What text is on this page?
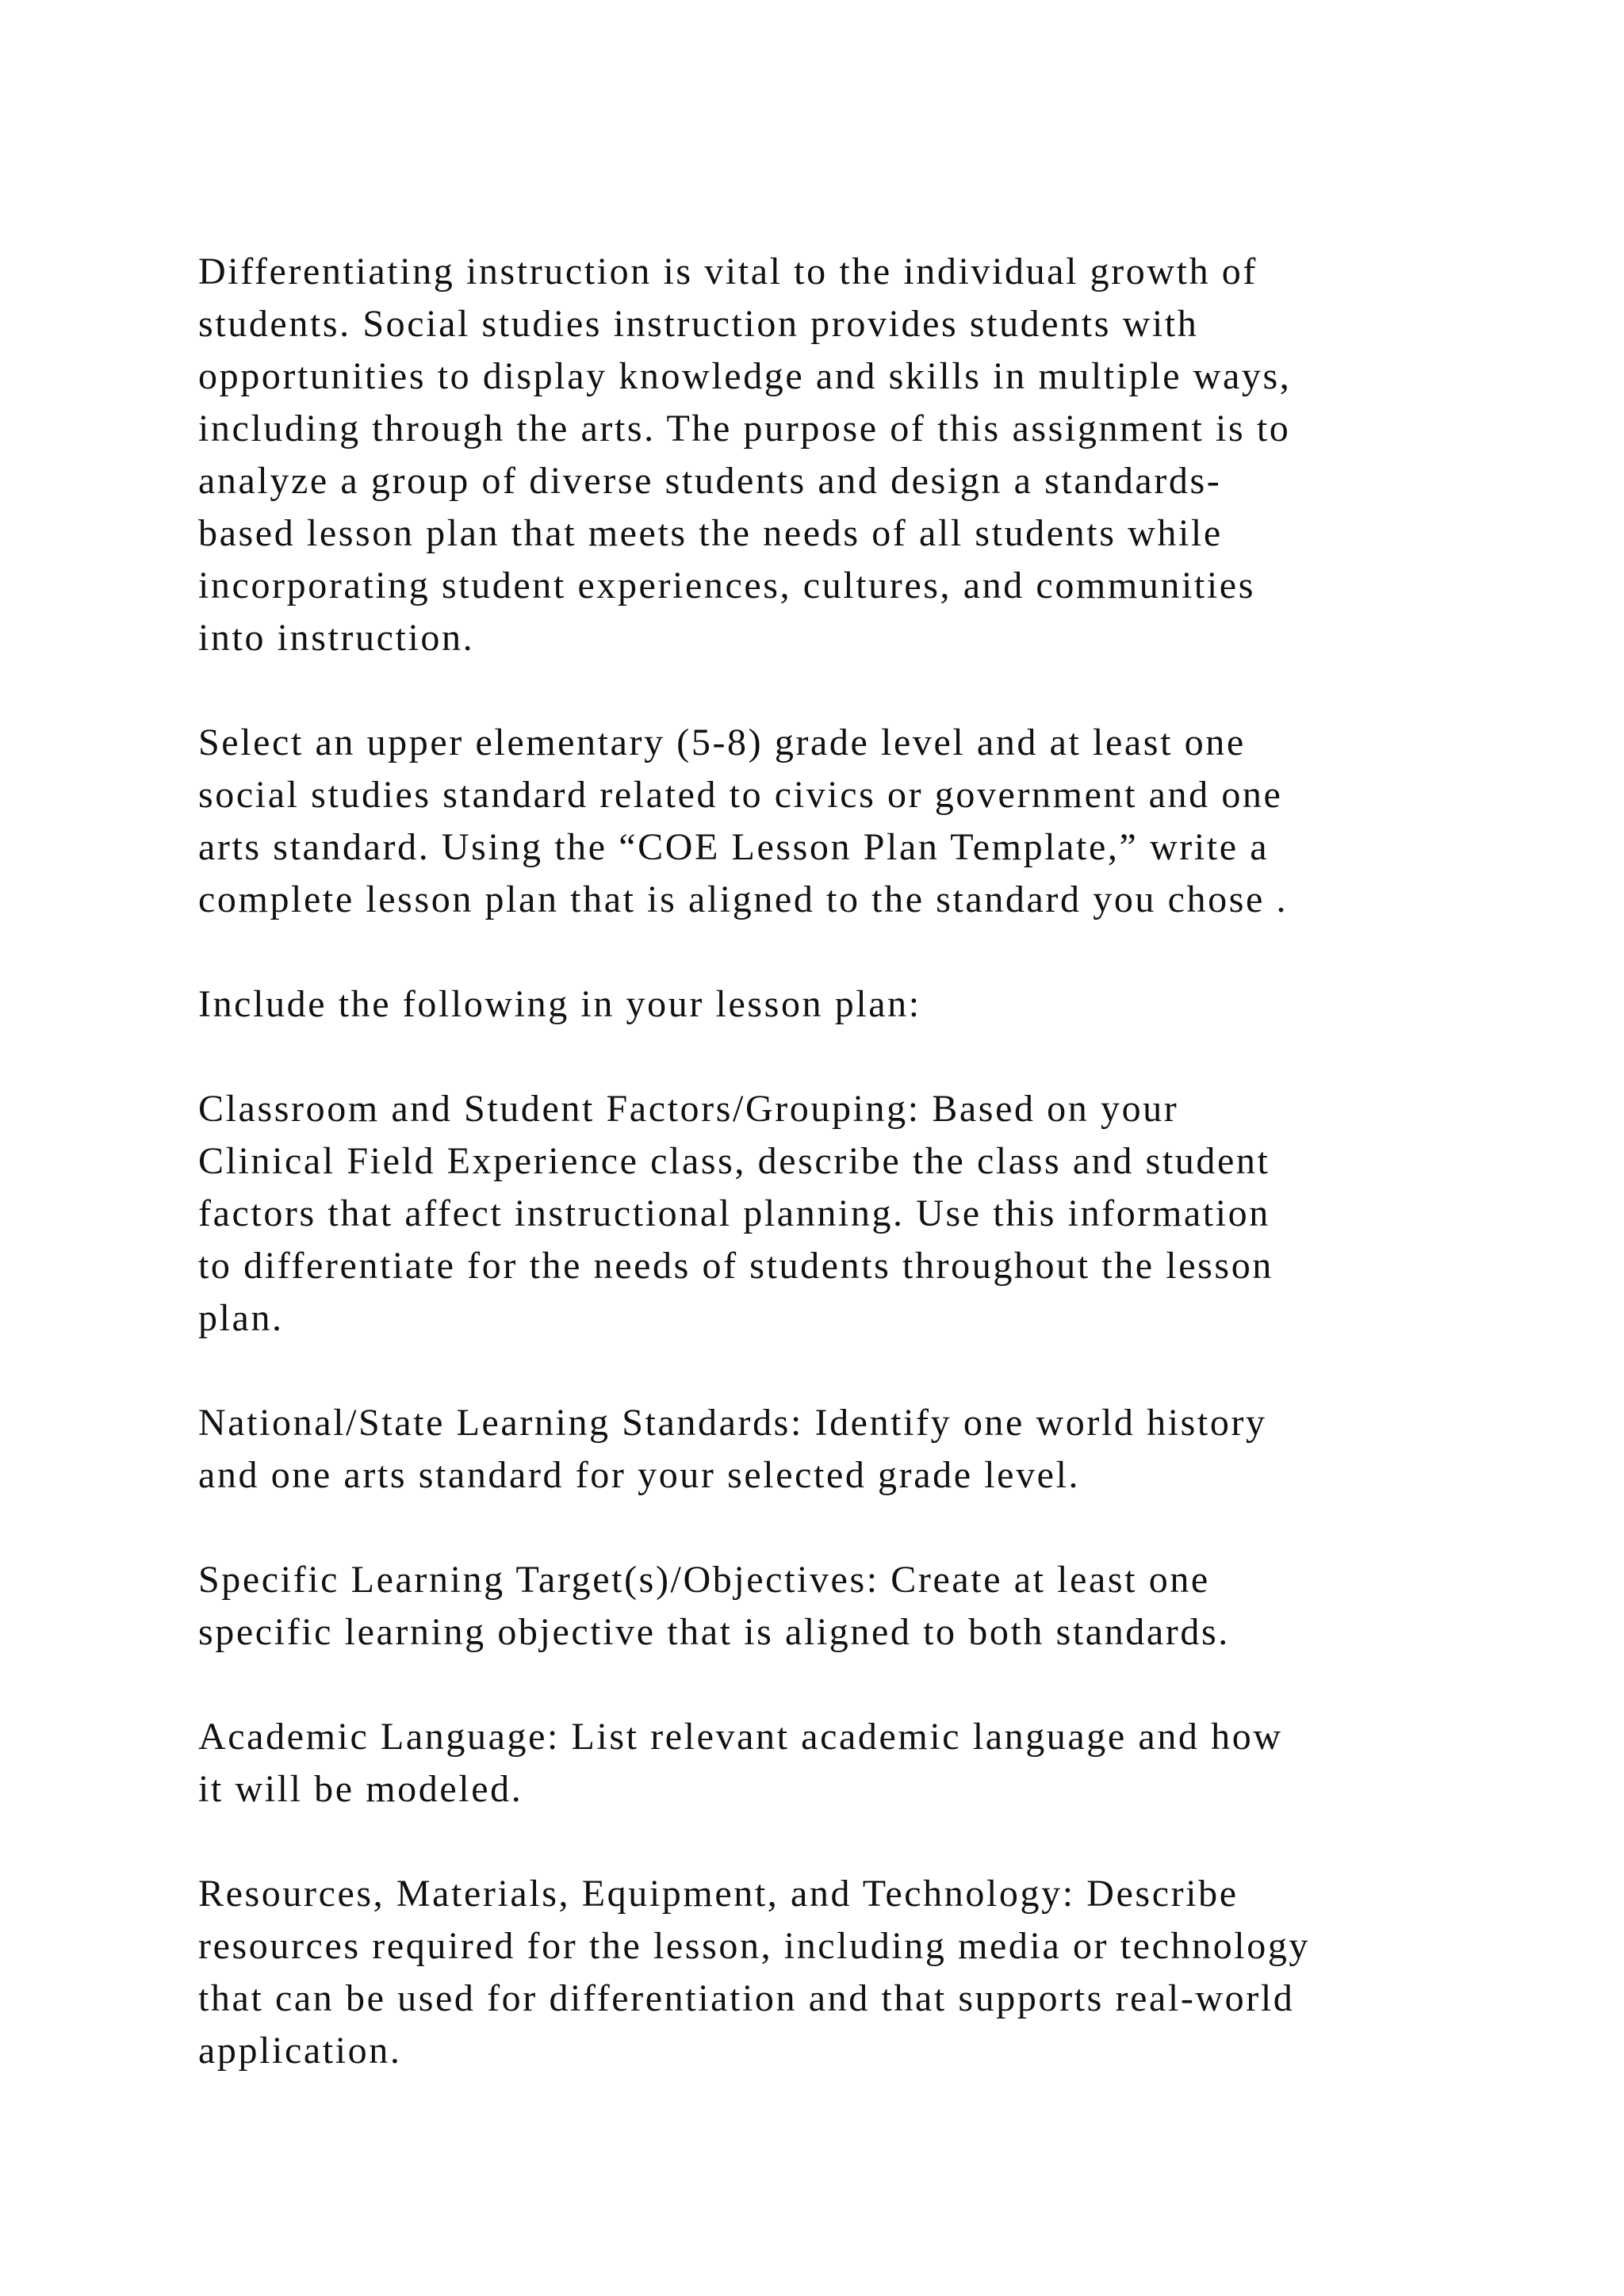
Differentiating instruction is vital to the individual growth of
students. Social studies instruction provides students with
opportunities to display knowledge and skills in multiple ways,
including through the arts. The purpose of this assignment is to
analyze a group of diverse students and design a standards-
based lesson plan that meets the needs of all students while
incorporating student experiences, cultures, and communities
into instruction.

Select an upper elementary (5-8) grade level and at least one
social studies standard related to civics or government and one
arts standard. Using the “COE Lesson Plan Template,” write a
complete lesson plan that is aligned to the standard you chose .

Include the following in your lesson plan:

Classroom and Student Factors/Grouping: Based on your
Clinical Field Experience class, describe the class and student
factors that affect instructional planning. Use this information
to differentiate for the needs of students throughout the lesson
plan.

National/State Learning Standards: Identify one world history
and one arts standard for your selected grade level.

Specific Learning Target(s)/Objectives: Create at least one
specific learning objective that is aligned to both standards.

Academic Language: List relevant academic language and how
it will be modeled.

Resources, Materials, Equipment, and Technology: Describe
resources required for the lesson, including media or technology
that can be used for differentiation and that supports real-world
application.
